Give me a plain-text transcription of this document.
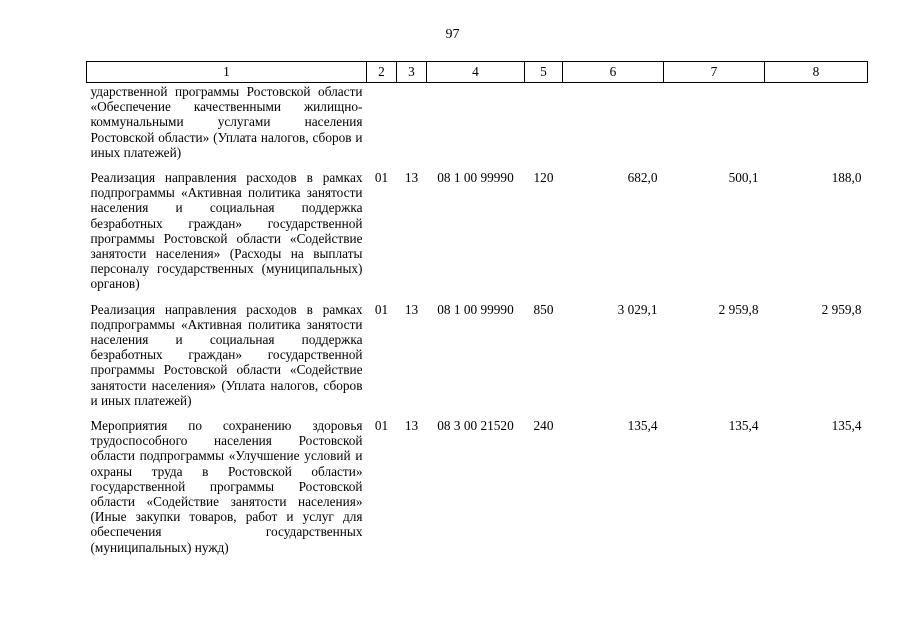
97
1	2	3	4	5	6	7	8
ударственной программы Ростовской области «Обеспечение качественными жилищно-коммунальными услугами населения Ростовской области» (Уплата налогов, сборов и иных платежей)							
Реализация направления расходов в рамках подпрограммы «Активная политика занятости населения и социальная поддержка безработных граждан» государственной программы Ростовской области «Содействие занятости населения» (Расходы на выплаты персоналу государственных (муниципальных) органов)	01	13	08 1 00 99990	120	682,0	500,1	188,0
Реализация направления расходов в рамках подпрограммы «Активная политика занятости населения и социальная поддержка безработных граждан» государственной программы Ростовской области «Содействие занятости населения» (Уплата налогов, сборов и иных платежей)	01	13	08 1 00 99990	850	3 029,1	2 959,8	2 959,8
Мероприятия по сохранению здоровья трудоспособного населения Ростовской области подпрограммы «Улучшение условий и охраны труда в Ростовской области» государственной программы Ростовской области «Содействие занятости населения» (Иные закупки товаров, работ и услуг для обеспечения государственных (муниципальных) нужд)	01	13	08 3 00 21520	240	135,4	135,4	135,4
